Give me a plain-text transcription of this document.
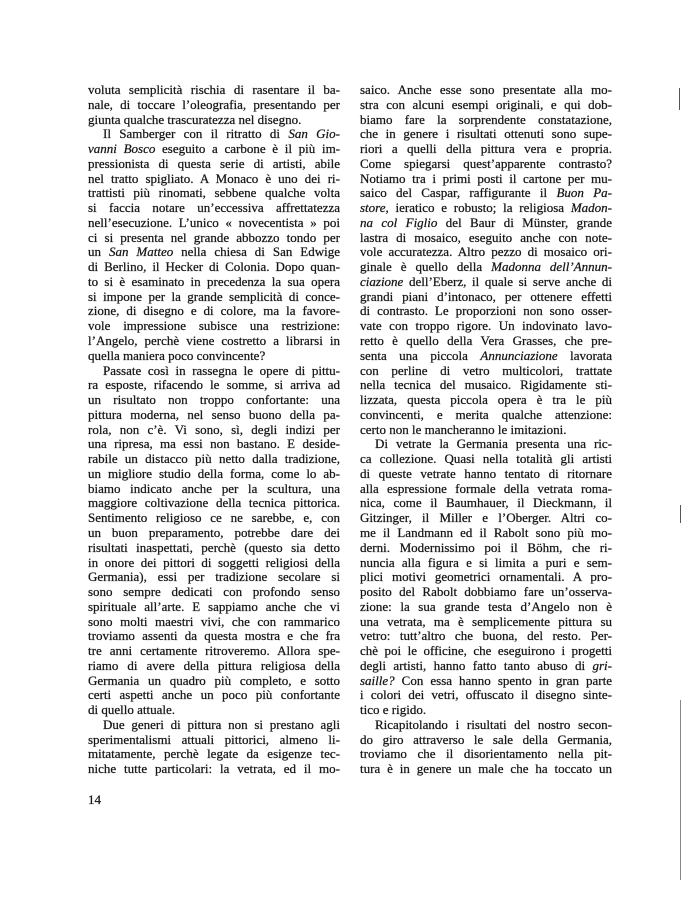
voluta semplicità rischia di rasentare il ba-
nale, di toccare l’oleografia, presentando per
giunta qualche trascuratezza nel disegno.
Il Samberger con il ritratto di San Gio-
vanni Bosco eseguito a carbone è il più im-
pressionista di questa serie di artisti, abile
nel tratto spigliato. A Monaco è uno dei ri-
trattisti più rinomati, sebbene qualche volta
si faccia notare un’eccessiva affrettatezza
nell’esecuzione. L’unico « novecentista » poi
ci si presenta nel grande abbozzo tondo per
un San Matteo nella chiesa di San Edwige
di Berlino, il Hecker di Colonia. Dopo quan-
to si è esaminato in precedenza la sua opera
si impone per la grande semplicità di conce-
zione, di disegno e di colore, ma la favore-
vole impressione subisce una restrizione:
l’Angelo, perchè viene costretto a librarsi in
quella maniera poco convincente?
Passate così in rassegna le opere di pittu-
ra esposte, rifacendo le somme, si arriva ad
un risultato non troppo confortante: una
pittura moderna, nel senso buono della pa-
rola, non c’è. Vi sono, sì, degli indizi per
una ripresa, ma essi non bastano. E deside-
rabile un distacco più netto dalla tradizione,
un migliore studio della forma, come lo ab-
biamo indicato anche per la scultura, una
maggiore coltivazione della tecnica pittorica.
Sentimento religioso ce ne sarebbe, e, con
un buon preparamento, potrebbe dare dei
risultati inaspettati, perchè (questo sia detto
in onore dei pittori di soggetti religiosi della
Germania), essi per tradizione secolare si
sono sempre dedicati con profondo senso
spirituale all’arte. E sappiamo anche che vi
sono molti maestri vivi, che con rammarico
troviamo assenti da questa mostra e che fra
tre anni certamente ritroveremo. Allora spe-
riamo di avere della pittura religiosa della
Germania un quadro più completo, e sotto
certi aspetti anche un poco più confortante
di quello attuale.
Due generi di pittura non si prestano agli
sperimentalismi attuali pittorici, almeno li-
mitatamente, perchè legate da esigenze tec-
niche tutte particolari: la vetrata, ed il mo-
saico. Anche esse sono presentate alla mo-
stra con alcuni esempi originali, e qui dob-
biamo fare la sorprendente constatazione,
che in genere i risultati ottenuti sono supe-
riori a quelli della pittura vera e propria.
Come spiegarsi quest’apparente contrasto?
Notiamo tra i primi posti il cartone per mu-
saico del Caspar, raffigurante il Buon Pa-
store, ieratico e robusto; la religiosa Madon-
na col Figlio del Baur di Münster, grande
lastra di mosaico, eseguito anche con note-
vole accuratezza. Altro pezzo di mosaico ori-
ginale è quello della Madonna dell’Annun-
ciazione dell’Eberz, il quale si serve anche di
grandi piani d’intonaco, per ottenere effetti
di contrasto. Le proporzioni non sono osser-
vate con troppo rigore. Un indovinato lavo-
retto è quello della Vera Grasses, che pre-
senta una piccola Annunciazione lavorata
con perline di vetro multicolori, trattate
nella tecnica del musaico. Rigidamente sti-
lizzata, questa piccola opera è tra le più
convincenti, e merita qualche attenzione:
certo non le mancheranno le imitazioni.
Di vetrate la Germania presenta una ric-
ca collezione. Quasi nella totalità gli artisti
di queste vetrate hanno tentato di ritornare
alla espressione formale della vetrata roma-
nica, come il Baumhauer, il Dieckmann, il
Gitzinger, il Miller e l’Oberger. Altri co-
me il Landmann ed il Rabolt sono più mo-
derni. Modernissimo poi il Böhm, che ri-
nuncia alla figura e si limita a puri e sem-
plici motivi geometrici ornamentali. A pro-
posito del Rabolt dobbiamo fare un’osserva-
zione: la sua grande testa d’Angelo non è
una vetrata, ma è semplicemente pittura su
vetro: tutt’altro che buona, del resto. Per-
chè poi le officine, che eseguirono i progetti
degli artisti, hanno fatto tanto abuso di gri-
saille? Con essa hanno spento in gran parte
i colori dei vetri, offuscato il disegno sinte-
tico e rigido.
Ricapitolando i risultati del nostro secon-
do giro attraverso le sale della Germania,
troviamo che il disorientamento nella pit-
tura è in genere un male che ha toccato un
14
